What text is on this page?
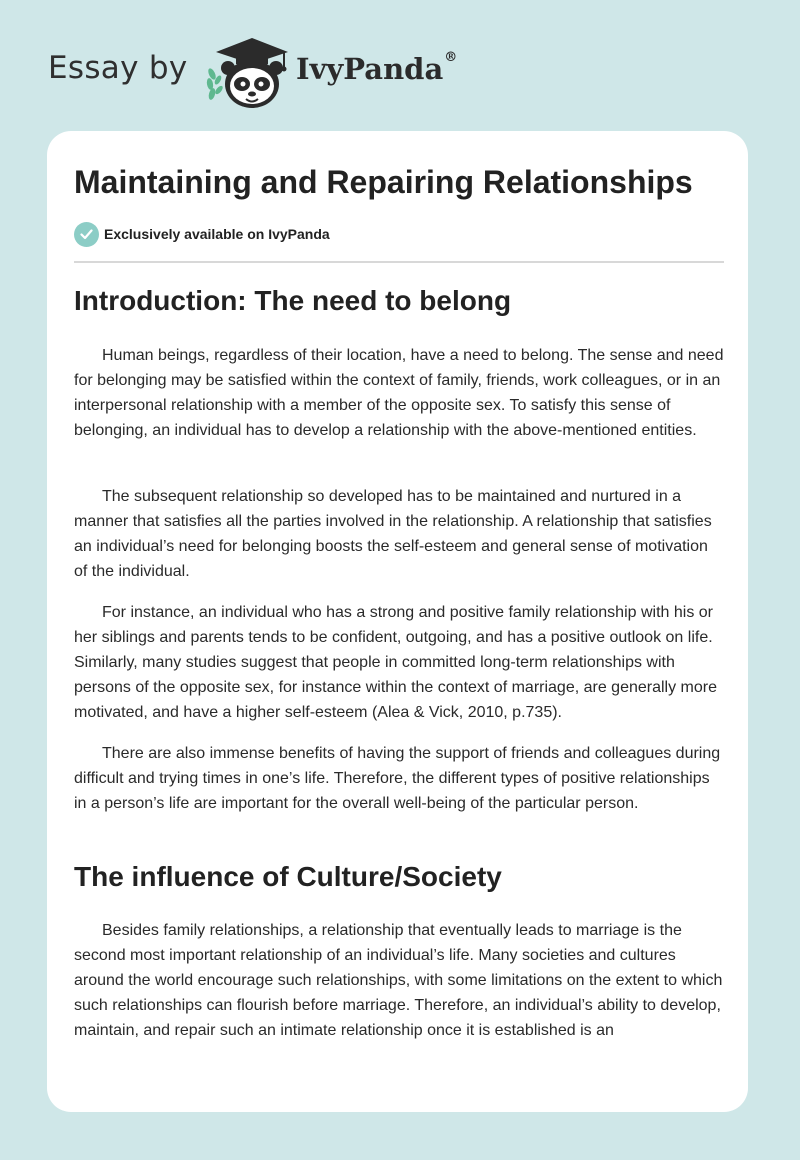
Essay by	IvyPanda®
Maintaining and Repairing Relationships
Exclusively available on IvyPanda
Introduction: The need to belong

Human beings, regardless of their location, have a need to belong. The sense and need for belonging may be satisfied within the context of family, friends, work colleagues, or in an interpersonal relationship with a member of the opposite sex. To satisfy this sense of belonging, an individual has to develop a relationship with the above-mentioned entities.

The subsequent relationship so developed has to be maintained and nurtured in a manner that satisfies all the parties involved in the relationship. A relationship that satisfies an individual’s need for belonging boosts the self-esteem and general sense of motivation of the individual.

For instance, an individual who has a strong and positive family relationship with his or her siblings and parents tends to be confident, outgoing, and has a positive outlook on life. Similarly, many studies suggest that people in committed long-term relationships with persons of the opposite sex, for instance within the context of marriage, are generally more motivated, and have a higher self-esteem (Alea & Vick, 2010, p.735).

There are also immense benefits of having the support of friends and colleagues during difficult and trying times in one’s life. Therefore, the different types of positive relationships in a person’s life are important for the overall well-being of the particular person.

The influence of Culture/Society

Besides family relationships, a relationship that eventually leads to marriage is the second most important relationship of an individual’s life. Many societies and cultures around the world encourage such relationships, with some limitations on the extent to which such relationships can flourish before marriage. Therefore, an individual’s ability to develop, maintain, and repair such an intimate relationship once it is established is an
